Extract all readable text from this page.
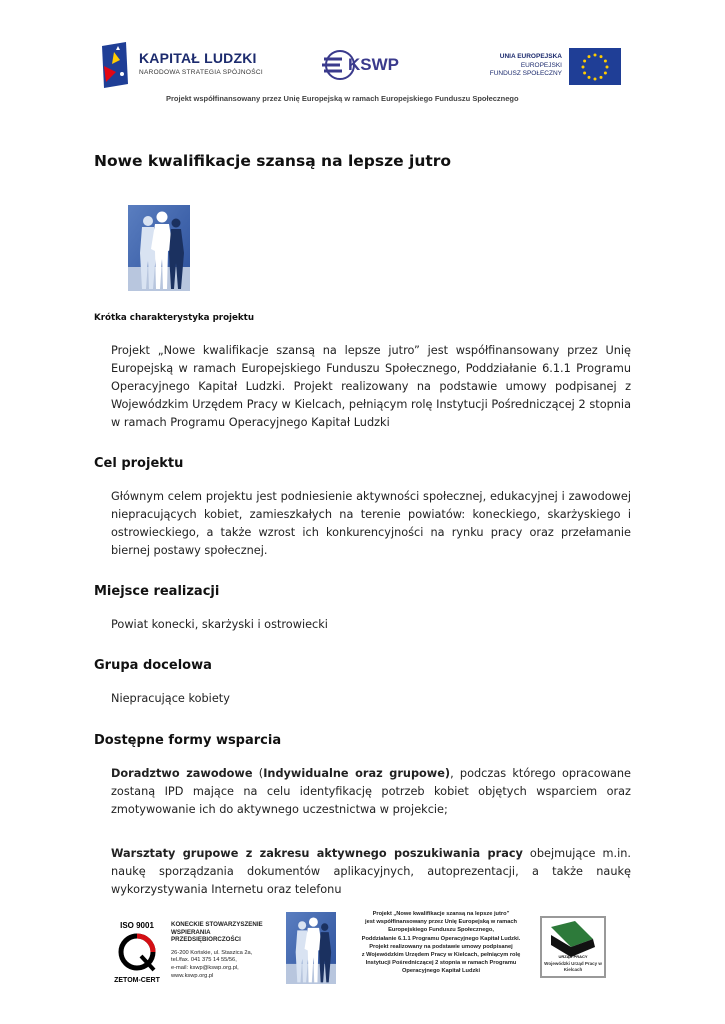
KAPITAŁ LUDZKI
NARODOWA STRATEGIA SPÓJNOŚCI	KSWP	UNIA EUROPEJSKA
EUROPEJSKI
FUNDUSZ SPOŁECZNY
Projekt współfinansowany przez Unię Europejską w ramach Europejskiego Funduszu Społecznego
Nowe kwalifikacje szansą na lepsze jutro
Krótka charakterystyka projektu
Projekt „Nowe kwalifikacje szansą na lepsze jutro” jest współfinansowany przez Unię Europejską w ramach Europejskiego Funduszu Społecznego, Poddziałanie 6.1.1 Programu Operacyjnego Kapitał Ludzki. Projekt realizowany na podstawie umowy podpisanej z Wojewódzkim Urzędem Pracy w Kielcach, pełniącym rolę Instytucji Pośredniczącej 2 stopnia w ramach Programu Operacyjnego Kapitał Ludzki
Cel projektu
Głównym celem projektu jest podniesienie aktywności społecznej, edukacyjnej i zawodowej niepracujących kobiet, zamieszkałych na terenie powiatów: koneckiego, skarżyskiego i ostrowieckiego, a także wzrost ich konkurencyjności na rynku pracy oraz przełamanie biernej postawy społecznej.
Miejsce realizacji
Powiat konecki, skarżyski i ostrowiecki
Grupa docelowa
Niepracujące kobiety
Dostępne formy wsparcia
Doradztwo zawodowe (Indywidualne oraz grupowe), podczas którego opracowane zostaną IPD mające na celu identyfikację potrzeb kobiet objętych wsparciem oraz zmotywowanie ich do aktywnego uczestnictwa w projekcie;
Warsztaty grupowe z zakresu aktywnego poszukiwania pracy obejmujące m.in. naukę sporządzania dokumentów aplikacyjnych, autoprezentacji, a także naukę wykorzystywania Internetu oraz telefonu
ISO 9001
ZETOM-CERT
KONECKIE STOWARZYSZENIE
WSPIERANIA
PRZEDSIĘBIORCZOŚCI
26-200 Końskie, ul. Staszica 2a,
tel./fax. 041 375 14 55/56,
e-mail: kswp@kswp.org.pl,
www.kswp.org.pl
Projekt „Nowe kwalifikacje szansą na lepsze jutro”
jest współfinansowany przez Unię Europejską w ramach
Europejskiego Funduszu Społecznego,
Poddziałanie 6.1.1 Programu Operacyjnego Kapitał Ludzki.
Projekt realizowany na podstawie umowy podpisanej
z Wojewódzkim Urzędem Pracy w Kielcach, pełniącym rolę
Instytucji Pośredniczącej 2 stopnia w ramach Programu
Operacyjnego Kapitał Ludzki
URZĄD PRACY
Wojewódzki Urząd Pracy w Kielcach
